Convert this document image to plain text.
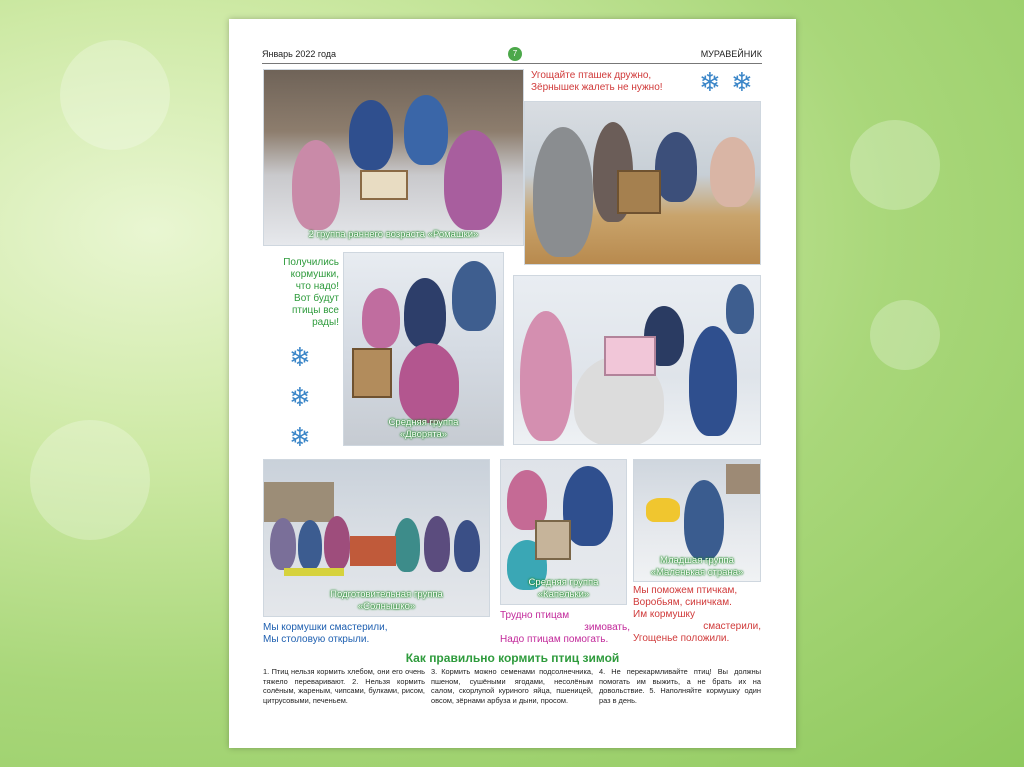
Январь 2022 года	7	МУРАВЕЙНИК
2 группа раннего возраста «Ромашки»
Угощайте пташек дружно,
Зёрнышек жалеть не нужно!	❄ ❄
Получились
кормушки,
что надо!
Вот будут
птицы все
рады!
❄
❄
❄	Средняя группа «Дворята»
Подготовительная группа «Солнышко»
Средняя группа «Капельки»
Младшая группа «Маленькая страна»
Мы кормушки смастерили,
Мы столовую открыли.
Трудно птицам
зимовать,
Надо птицам помогать.
Мы поможем птичкам,
Воробьям, синичкам.
Им кормушку
смастерили,
Угощенье положили.
Как правильно кормить птиц зимой
1. Птиц нельзя кормить хлебом, они его очень тяжело переваривают. 2. Нельзя кормить солёным, жареным, чипсами, булками, рисом, цитрусовыми, печеньем.
3. Кормить можно семенами подсолнечника, пшеном, сушёными ягодами, несолёным салом, скорлупой куриного яйца, пшеницей, овсом, зёрнами арбуза и дыни, просом.
4. Не перекармливайте птиц! Вы должны помогать им выжить, а не брать их на довольствие. 5. Наполняйте кормушку один раз в день.
